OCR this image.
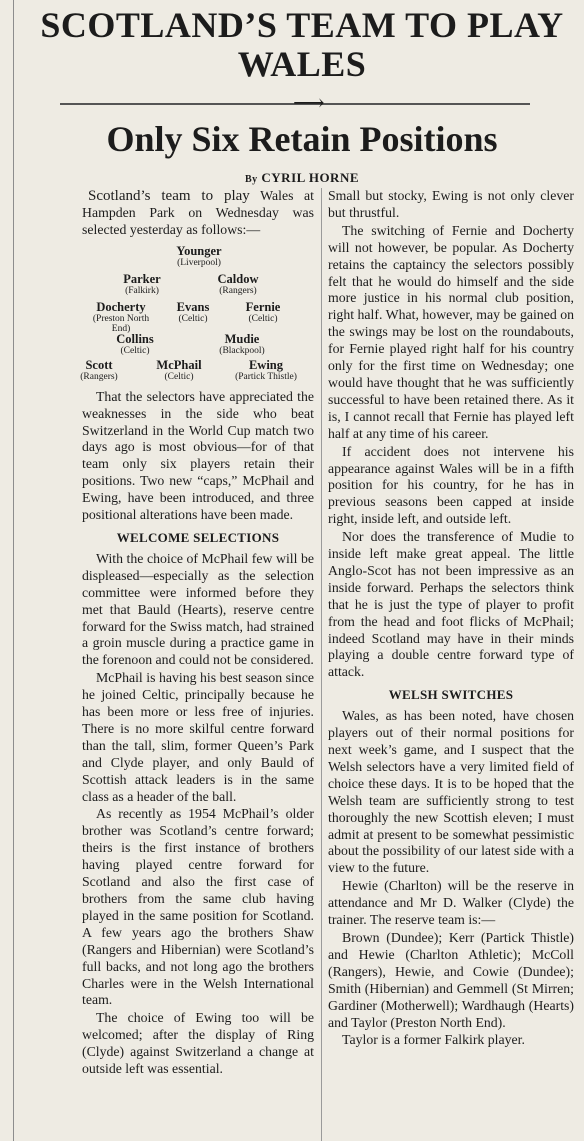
SCOTLAND’S TEAM TO PLAY WALES
⟶
Only Six Retain Positions
By CYRIL HORNE

Scotland’s team to play Wales at Hampden Park on Wednesday was selected yesterday as follows:—

Younger
(Liverpool)
Parker
(Falkirk)
Caldow
(Rangers)
Docherty
(Preston North End)
Evans
(Celtic)
Fernie
(Celtic)
Collins
(Celtic)
Mudie
(Blackpool)
Scott
(Rangers)
McPhail
(Celtic)
Ewing
(Partick Thistle)

That the selectors have appreciated the weaknesses in the side who beat Switzerland in the World Cup match two days ago is most obvious—for of that team only six players retain their positions. Two new “caps,” McPhail and Ewing, have been introduced, and three positional alterations have been made.

WELCOME SELECTIONS

With the choice of McPhail few will be displeased—especially as the selection committee were informed before they met that Bauld (Hearts), reserve centre forward for the Swiss match, had strained a groin muscle during a practice game in the forenoon and could not be considered.

McPhail is having his best season since he joined Celtic, principally because he has been more or less free of injuries. There is no more skilful centre forward than the tall, slim, former Queen’s Park and Clyde player, and only Bauld of Scottish attack leaders is in the same class as a header of the ball.

As recently as 1954 McPhail’s older brother was Scotland’s centre forward; theirs is the first instance of brothers having played centre forward for Scotland and also the first case of brothers from the same club having played in the same position for Scotland. A few years ago the brothers Shaw (Rangers and Hibernian) were Scotland’s full backs, and not long ago the brothers Charles were in the Welsh International team.

The choice of Ewing too will be welcomed; after the display of Ring (Clyde) against Switzerland a change at outside left was essential.

Small but stocky, Ewing is not only clever but thrustful.

The switching of Fernie and Docherty will not however, be popular. As Docherty retains the captaincy the selectors possibly felt that he would do himself and the side more justice in his normal club position, right half. What, however, may be gained on the swings may be lost on the roundabouts, for Fernie played right half for his country only for the first time on Wednesday; one would have thought that he was sufficiently successful to have been retained there. As it is, I cannot recall that Fernie has played left half at any time of his career.

If accident does not intervene his appearance against Wales will be in a fifth position for his country, for he has in previous seasons been capped at inside right, inside left, and outside left.

Nor does the transference of Mudie to inside left make great appeal. The little Anglo-Scot has not been impressive as an inside forward. Perhaps the selectors think that he is just the type of player to profit from the head and foot flicks of McPhail; indeed Scotland may have in their minds playing a double centre forward type of attack.

WELSH SWITCHES

Wales, as has been noted, have chosen players out of their normal positions for next week’s game, and I suspect that the Welsh selectors have a very limited field of choice these days. It is to be hoped that the Welsh team are sufficiently strong to test thoroughly the new Scottish eleven; I must admit at present to be somewhat pessimistic about the possibility of our latest side with a view to the future.

Hewie (Charlton) will be the reserve in attendance and Mr D. Walker (Clyde) the trainer. The reserve team is:—

Brown (Dundee); Kerr (Partick Thistle) and Hewie (Charlton Athletic); McColl (Rangers), Hewie, and Cowie (Dundee); Smith (Hibernian) and Gemmell (St Mirren; Gardiner (Motherwell); Wardhaugh (Hearts) and Taylor (Preston North End).

Taylor is a former Falkirk player.
